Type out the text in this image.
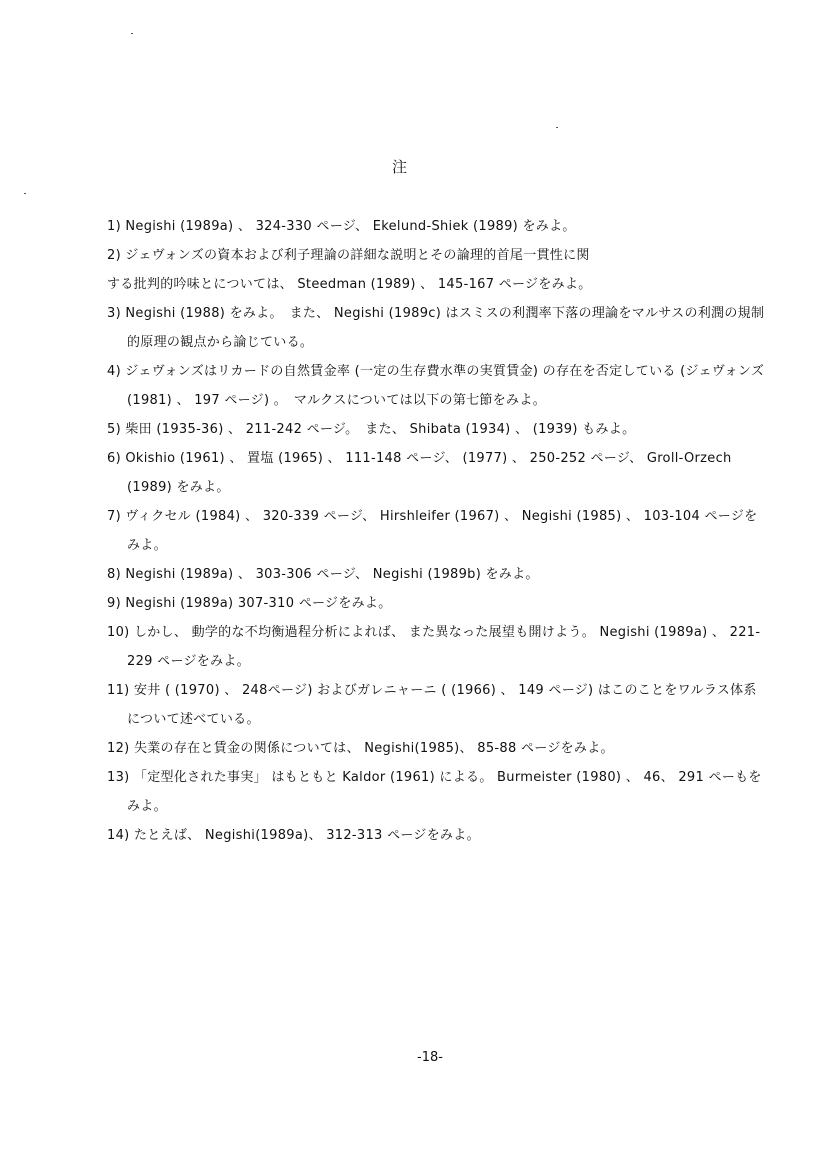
注
1) Negishi (1989a) 、 324-330 ページ、 Ekelund-Shiek (1989) をみよ。
2) ジェヴォンズの資本および利子理論の詳細な説明とその論理的首尾一貫性に関
する批判的吟味とについては、 Steedman (1989) 、 145-167 ページをみよ。
3) Negishi (1988) をみよ。　また、 Negishi (1989c) はスミスの利潤率下落の理論をマルサスの利潤の規制的原理の観点から論じている。
4) ジェヴォンズはリカードの自然賃金率 (一定の生存費水準の実質賃金) の存在を否定している (ジェヴォンズ (1981) 、 197 ページ) 。　マルクスについては以下の第七節をみよ。
5) 柴田 (1935-36) 、 211-242 ページ。　また、 Shibata (1934) 、 (1939) もみよ。
6) Okishio (1961) 、 置塩 (1965) 、 111-148 ページ、 (1977) 、 250-252 ページ、 Groll-Orzech (1989) をみよ。
7) ヴィクセル (1984) 、 320-339 ページ、 Hirshleifer (1967) 、 Negishi (1985) 、 103-104 ページをみよ。
8) Negishi (1989a) 、 303-306 ページ、 Negishi (1989b) をみよ。
9) Negishi (1989a) 307-310 ページをみよ。
10) しかし、 動学的な不均衡過程分析によれば、 また異なった展望も開けよう。 Negishi (1989a) 、 221-229 ページをみよ。
11) 安井 ( (1970) 、 248ページ) およびガレニャーニ ( (1966) 、 149 ページ) はこのことをワルラス体系について述べている。
12) 失業の存在と賃金の関係については、 Negishi(1985)、 85-88 ページをみよ。
13) 「定型化された事実」 はもともと Kaldor (1961) による。 Burmeister (1980) 、 46、 291 ペーもをみよ。
14) たとえば、 Negishi(1989a)、 312-313 ページをみよ。
-18-
